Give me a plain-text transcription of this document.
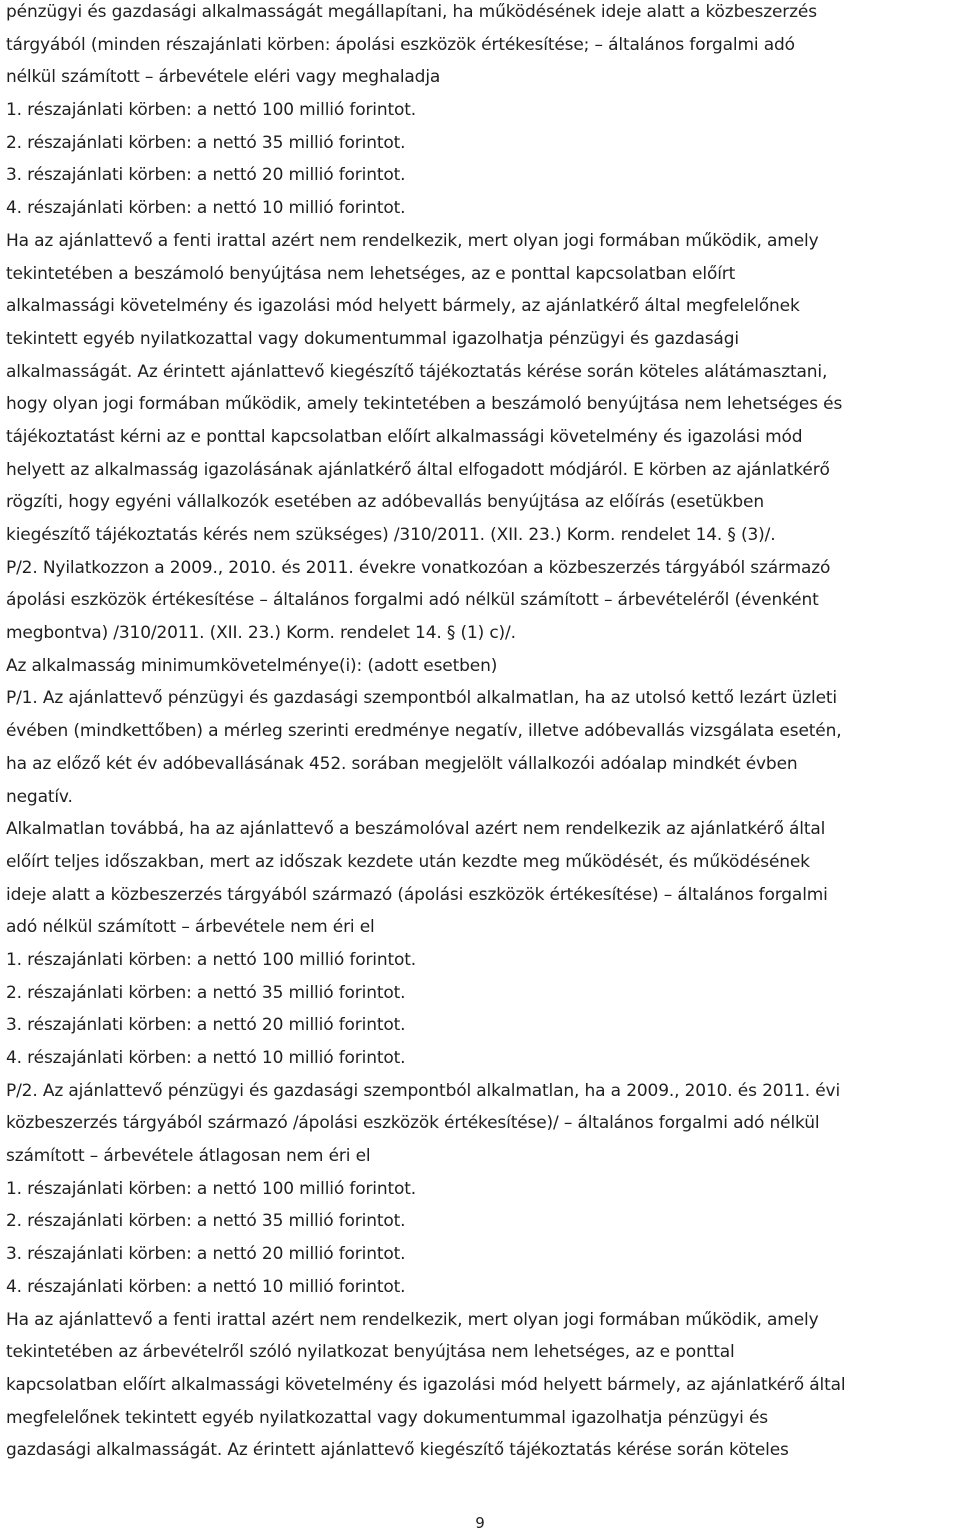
pénzügyi és gazdasági alkalmasságát megállapítani, ha működésének ideje alatt a közbeszerzés
tárgyából (minden részajánlati körben: ápolási eszközök értékesítése; – általános forgalmi adó
nélkül számított – árbevétele eléri vagy meghaladja
1. részajánlati körben: a nettó 100 millió forintot.
2. részajánlati körben: a nettó 35 millió forintot.
3. részajánlati körben: a nettó 20 millió forintot.
4. részajánlati körben: a nettó 10 millió forintot.
Ha az ajánlattevő a fenti irattal azért nem rendelkezik, mert olyan jogi formában működik, amely
tekintetében a beszámoló benyújtása nem lehetséges, az e ponttal kapcsolatban előírt
alkalmassági követelmény és igazolási mód helyett bármely, az ajánlatkérő által megfelelőnek
tekintett egyéb nyilatkozattal vagy dokumentummal igazolhatja pénzügyi és gazdasági
alkalmasságát. Az érintett ajánlattevő kiegészítő tájékoztatás kérése során köteles alátámasztani,
hogy olyan jogi formában működik, amely tekintetében a beszámoló benyújtása nem lehetséges és
tájékoztatást kérni az e ponttal kapcsolatban előírt alkalmassági követelmény és igazolási mód
helyett az alkalmasság igazolásának ajánlatkérő által elfogadott módjáról. E körben az ajánlatkérő
rögzíti, hogy egyéni vállalkozók esetében az adóbevallás benyújtása az előírás (esetükben
kiegészítő tájékoztatás kérés nem szükséges) /310/2011. (XII. 23.) Korm. rendelet 14. § (3)/.
P/2. Nyilatkozzon a 2009., 2010. és 2011. évekre vonatkozóan a közbeszerzés tárgyából származó
ápolási eszközök értékesítése – általános forgalmi adó nélkül számított – árbevételéről (évenként
megbontva) /310/2011. (XII. 23.) Korm. rendelet 14. § (1) c)/.
Az alkalmasság minimumkövetelménye(i): (adott esetben)
P/1. Az ajánlattevő pénzügyi és gazdasági szempontból alkalmatlan, ha az utolsó kettő lezárt üzleti
évében (mindkettőben) a mérleg szerinti eredménye negatív, illetve adóbevallás vizsgálata esetén,
ha az előző két év adóbevallásának 452. sorában megjelölt vállalkozói adóalap mindkét évben
negatív.
Alkalmatlan továbbá, ha az ajánlattevő a beszámolóval azért nem rendelkezik az ajánlatkérő által
előírt teljes időszakban, mert az időszak kezdete után kezdte meg működését, és működésének
ideje alatt a közbeszerzés tárgyából származó (ápolási eszközök értékesítése) – általános forgalmi
adó nélkül számított – árbevétele nem éri el
1. részajánlati körben: a nettó 100 millió forintot.
2. részajánlati körben: a nettó 35 millió forintot.
3. részajánlati körben: a nettó 20 millió forintot.
4. részajánlati körben: a nettó 10 millió forintot.
P/2. Az ajánlattevő pénzügyi és gazdasági szempontból alkalmatlan, ha a 2009., 2010. és 2011. évi
közbeszerzés tárgyából származó /ápolási eszközök értékesítése)/ – általános forgalmi adó nélkül
számított – árbevétele átlagosan nem éri el
1. részajánlati körben: a nettó 100 millió forintot.
2. részajánlati körben: a nettó 35 millió forintot.
3. részajánlati körben: a nettó 20 millió forintot.
4. részajánlati körben: a nettó 10 millió forintot.
Ha az ajánlattevő a fenti irattal azért nem rendelkezik, mert olyan jogi formában működik, amely
tekintetében az árbevételről szóló nyilatkozat benyújtása nem lehetséges, az e ponttal
kapcsolatban előírt alkalmassági követelmény és igazolási mód helyett bármely, az ajánlatkérő által
megfelelőnek tekintett egyéb nyilatkozattal vagy dokumentummal igazolhatja pénzügyi és
gazdasági alkalmasságát. Az érintett ajánlattevő kiegészítő tájékoztatás kérése során köteles
9
